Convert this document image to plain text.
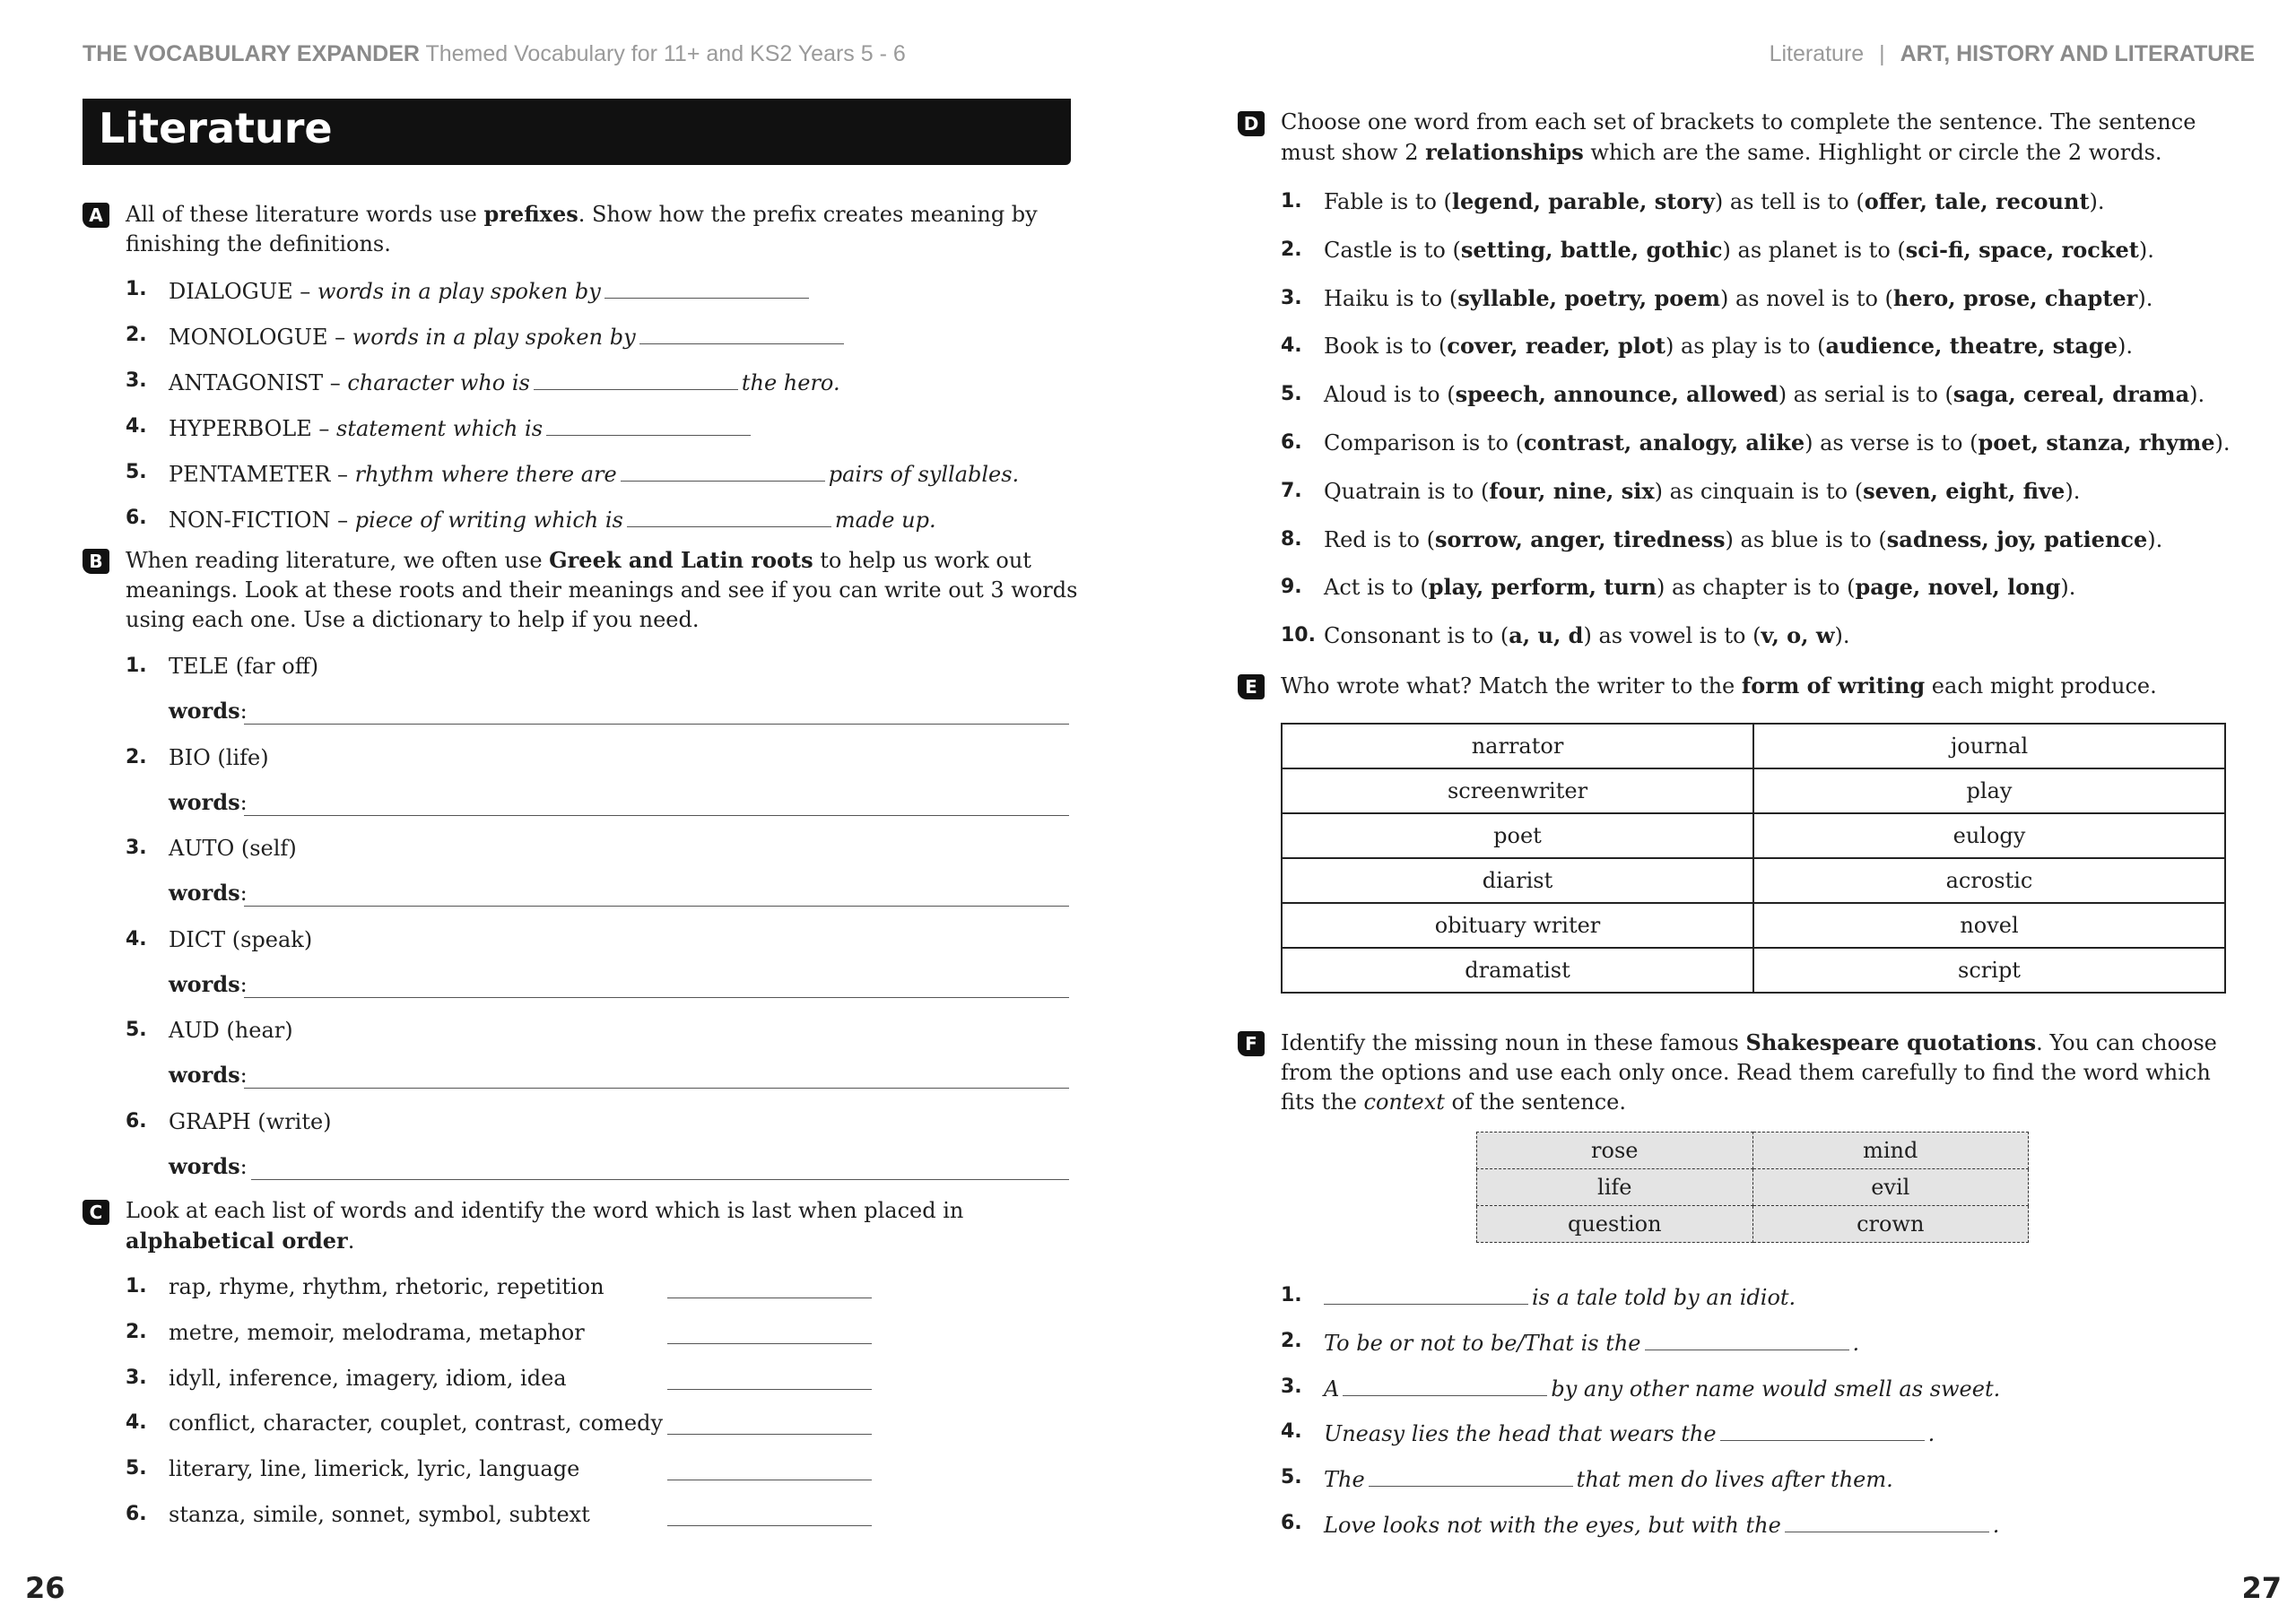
THE VOCABULARY EXPANDER Themed Vocabulary for 11+ and KS2 Years 5 - 6
Literature
A	All of these literature words use prefixes. Show how the prefix creates meaning by finishing the definitions.
1.	DIALOGUE – words in a play spoken by
2.	MONOLOGUE – words in a play spoken by
3.	ANTAGONIST – character who is	the hero.
4.	HYPERBOLE – statement which is
5.	PENTAMETER – rhythm where there are	pairs of syllables.
6.	NON-FICTION – piece of writing which is	made up.
B	When reading literature, we often use Greek and Latin roots to help us work out meanings. Look at these roots and their meanings and see if you can write out 3 words using each one. Use a dictionary to help if you need.
1.	TELE (far off)
words:
2.	BIO (life)
words:
3.	AUTO (self)
words:
4.	DICT (speak)
words:
5.	AUD (hear)
words:
6.	GRAPH (write)
words:
C	Look at each list of words and identify the word which is last when placed in alphabetical order.
1.	rap, rhyme, rhythm, rhetoric, repetition
2.	metre, memoir, melodrama, metaphor
3.	idyll, inference, imagery, idiom, idea
4.	conflict, character, couplet, contrast, comedy
5.	literary, line, limerick, lyric, language
6.	stanza, simile, sonnet, symbol, subtext
26
Literature | ART, HISTORY AND LITERATURE
D Choose one word from each set of brackets to complete the sentence. The sentence must show 2 relationships which are the same. Highlight or circle the 2 words.
1.	Fable is to (legend, parable, story) as tell is to (offer, tale, recount).
2.	Castle is to (setting, battle, gothic) as planet is to (sci-fi, space, rocket).
3.	Haiku is to (syllable, poetry, poem) as novel is to (hero, prose, chapter).
4.	Book is to (cover, reader, plot) as play is to (audience, theatre, stage).
5.	Aloud is to (speech, announce, allowed) as serial is to (saga, cereal, drama).
6.	Comparison is to (contrast, analogy, alike) as verse is to (poet, stanza, rhyme).
7.	Quatrain is to (four, nine, six) as cinquain is to (seven, eight, five).
8.	Red is to (sorrow, anger, tiredness) as blue is to (sadness, joy, patience).
9.	Act is to (play, perform, turn) as chapter is to (page, novel, long).
10. Consonant is to (a, u, d) as vowel is to (v, o, w).
E	Who wrote what? Match the writer to the form of writing each might produce.
narrator	journal
screenwriter	play
poet	eulogy
diarist	acrostic
obituary writer	novel
dramatist	script
F	Identify the missing noun in these famous Shakespeare quotations. You can choose from the options and use each only once. Read them carefully to find the word which fits the context of the sentence.
rose	mind
life	evil
question	crown
1.	is a tale told by an idiot.
2.	To be or not to be/That is the	.
3.	A	by any other name would smell as sweet.
4.	Uneasy lies the head that wears the	.
5.	The	that men do lives after them.
6.	Love looks not with the eyes, but with the	.
27
